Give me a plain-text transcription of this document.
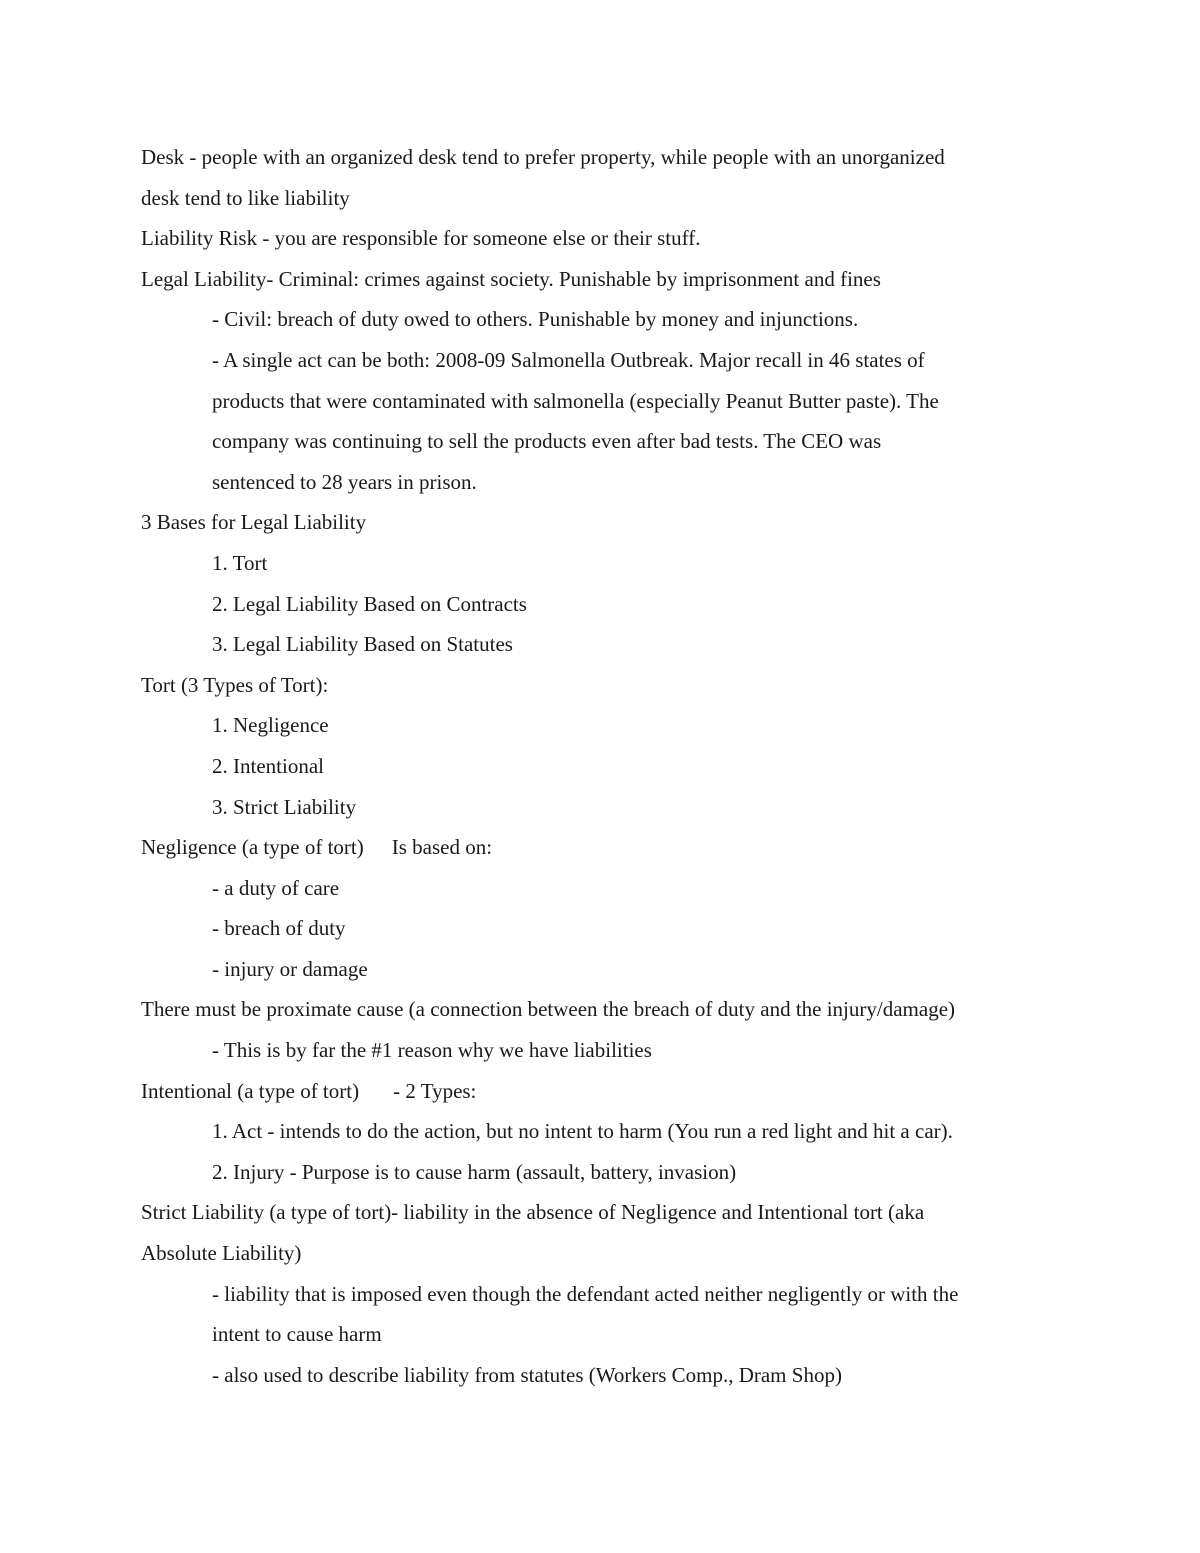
Desk - people with an organized desk tend to prefer property, while people with an unorganized
desk tend to like liability
Liability Risk - you are responsible for someone else or their stuff.
Legal Liability- Criminal: crimes against society. Punishable by imprisonment and fines
- Civil: breach of duty owed to others. Punishable by money and injunctions.
- A single act can be both: 2008-09 Salmonella Outbreak. Major recall in 46 states of
products that were contaminated with salmonella (especially Peanut Butter paste). The
company was continuing to sell the products even after bad tests. The CEO was
sentenced to 28 years in prison.
3 Bases for Legal Liability
1. Tort
2. Legal Liability Based on Contracts
3. Legal Liability Based on Statutes
Tort (3 Types of Tort):
1. Negligence
2. Intentional
3. Strict Liability
Negligence (a type of tort) Is based on:
- a duty of care
- breach of duty
- injury or damage
There must be proximate cause (a connection between the breach of duty and the injury/damage)
- This is by far the #1 reason why we have liabilities
Intentional (a type of tort) - 2 Types:
1. Act - intends to do the action, but no intent to harm (You run a red light and hit a car).
2. Injury - Purpose is to cause harm (assault, battery, invasion)
Strict Liability (a type of tort)- liability in the absence of Negligence and Intentional tort (aka
Absolute Liability)
- liability that is imposed even though the defendant acted neither negligently or with the
intent to cause harm
- also used to describe liability from statutes (Workers Comp., Dram Shop)
